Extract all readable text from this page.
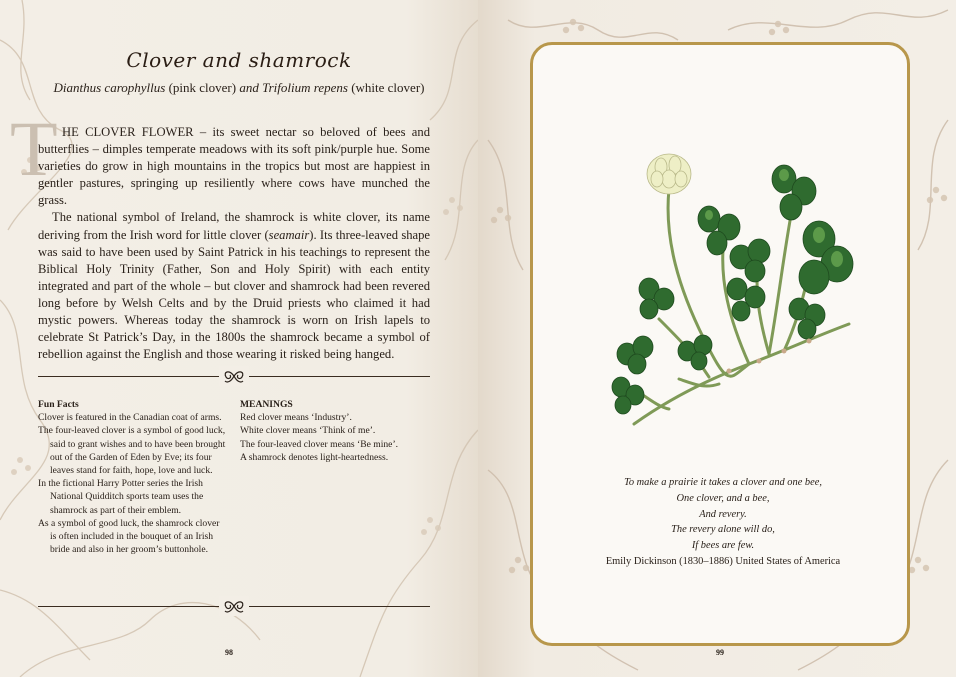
Clover and shamrock
Dianthus carophyllus (pink clover) and Trifolium repens (white clover)
T HE CLOVER FLOWER – its sweet nectar so beloved of bees and butterflies – dimples temperate meadows with its soft pink/purple hue. Some varieties do grow in high mountains in the tropics but most are happiest in gentler pastures, springing up resiliently where cows have munched the grass.

The national symbol of Ireland, the shamrock is white clover, its name deriving from the Irish word for little clover (seamair). Its three-leaved shape was said to have been used by Saint Patrick in his teachings to represent the Biblical Holy Trinity (Father, Son and Holy Spirit) with each entity integrated and part of the whole – but clover and shamrock had been revered long before by Welsh Celts and by the Druid priests who claimed it had mystic powers. Whereas today the shamrock is worn on Irish lapels to celebrate St Patrick’s Day, in the 1800s the shamrock became a symbol of rebellion against the English and those wearing it risked being hanged.

Fun Facts

Clover is featured in the Canadian coat of arms.

The four-leaved clover is a symbol of good luck, said to grant wishes and to have been brought out of the Garden of Eden by Eve; its four leaves stand for faith, hope, love and luck.

In the fictional Harry Potter series the Irish National Quidditch sports team uses the shamrock as part of their emblem.

As a symbol of good luck, the shamrock clover is often included in the bouquet of an Irish bride and also in her groom’s buttonhole.

MEANINGS

Red clover means ‘Industry’.

White clover means ‘Think of me’.

The four-leaved clover means ‘Be mine’.

A shamrock denotes light-heartedness.

98
To make a prairie it takes a clover and one bee,
One clover, and a bee,
And revery.
The revery alone will do,
If bees are few.
Emily Dickinson (1830–1886) United States of America
99
